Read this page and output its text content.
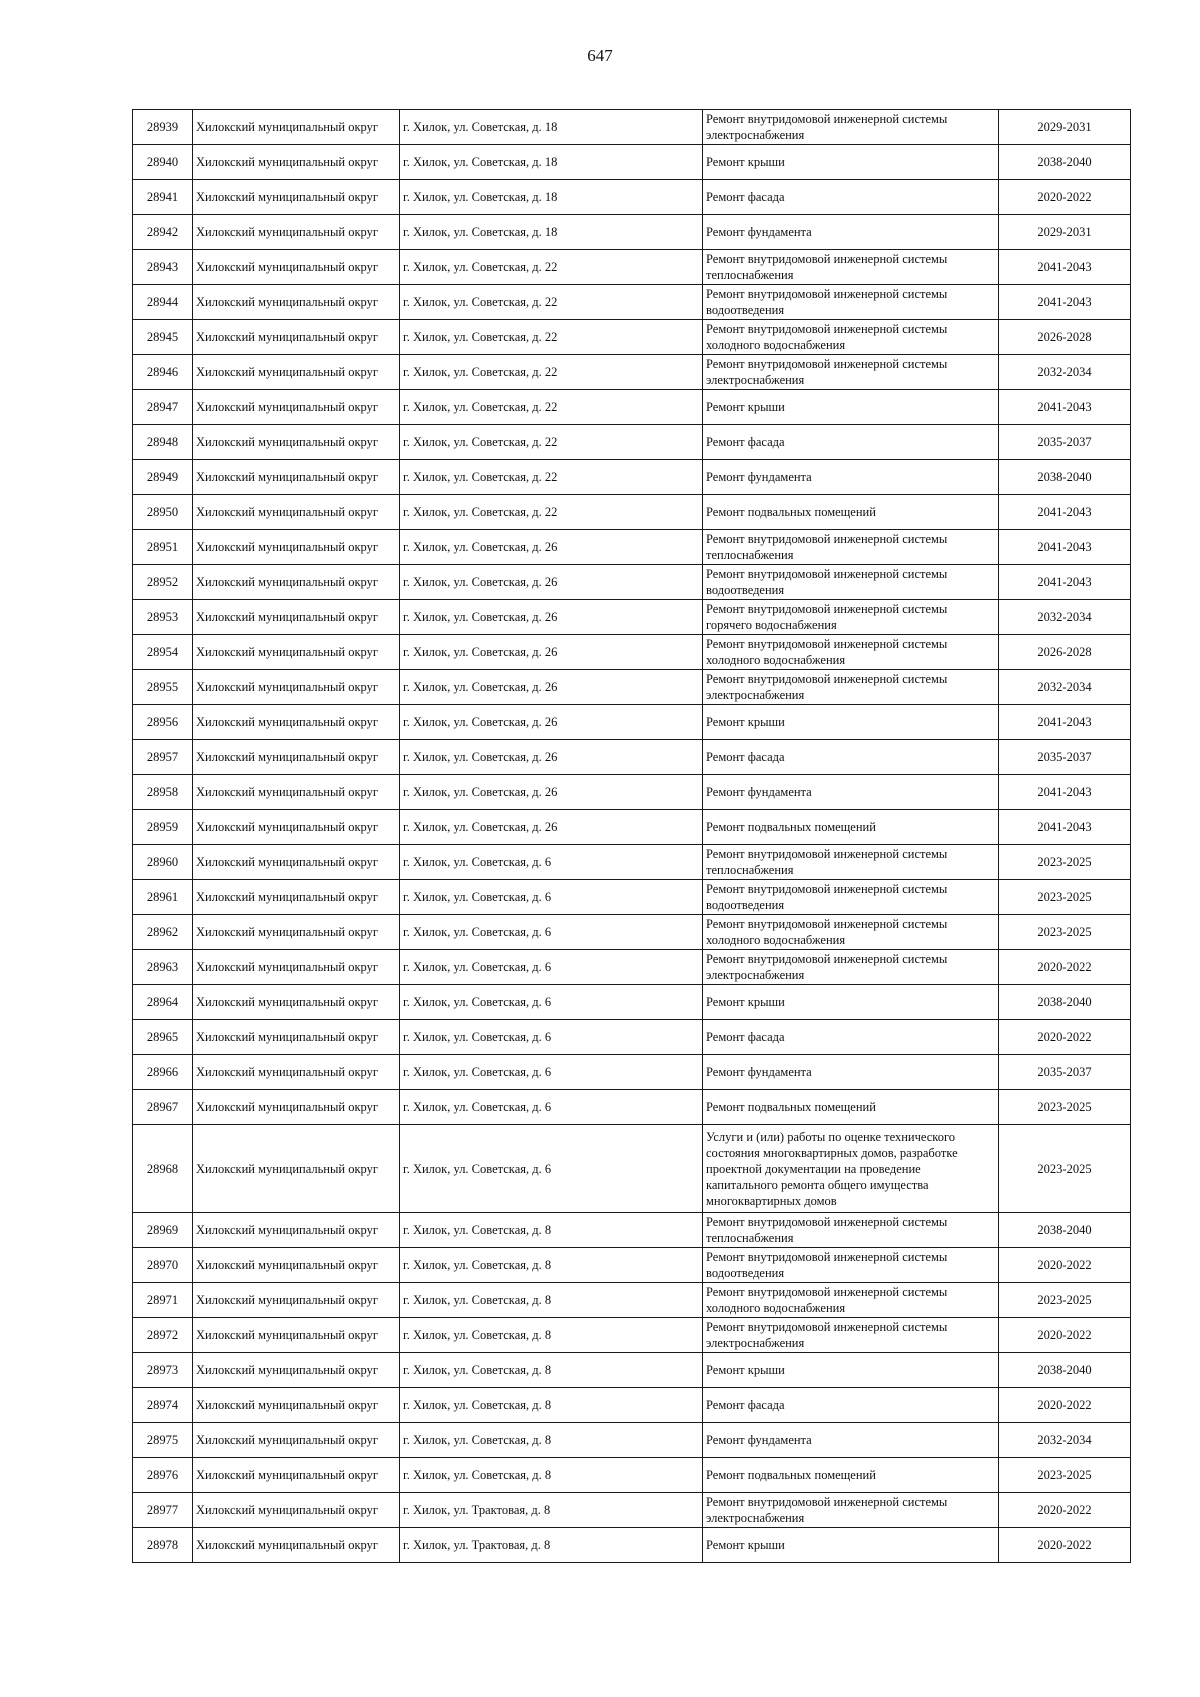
647
28939	Хилокский муниципальный округ	г. Хилок, ул. Советская, д. 18	Ремонт внутридомовой инженерной системы электроснабжения	2029-2031
28940	Хилокский муниципальный округ	г. Хилок, ул. Советская, д. 18	Ремонт крыши	2038-2040
28941	Хилокский муниципальный округ	г. Хилок, ул. Советская, д. 18	Ремонт фасада	2020-2022
28942	Хилокский муниципальный округ	г. Хилок, ул. Советская, д. 18	Ремонт фундамента	2029-2031
28943	Хилокский муниципальный округ	г. Хилок, ул. Советская, д. 22	Ремонт внутридомовой инженерной системы теплоснабжения	2041-2043
28944	Хилокский муниципальный округ	г. Хилок, ул. Советская, д. 22	Ремонт внутридомовой инженерной системы водоотведения	2041-2043
28945	Хилокский муниципальный округ	г. Хилок, ул. Советская, д. 22	Ремонт внутридомовой инженерной системы холодного водоснабжения	2026-2028
28946	Хилокский муниципальный округ	г. Хилок, ул. Советская, д. 22	Ремонт внутридомовой инженерной системы электроснабжения	2032-2034
28947	Хилокский муниципальный округ	г. Хилок, ул. Советская, д. 22	Ремонт крыши	2041-2043
28948	Хилокский муниципальный округ	г. Хилок, ул. Советская, д. 22	Ремонт фасада	2035-2037
28949	Хилокский муниципальный округ	г. Хилок, ул. Советская, д. 22	Ремонт фундамента	2038-2040
28950	Хилокский муниципальный округ	г. Хилок, ул. Советская, д. 22	Ремонт подвальных помещений	2041-2043
28951	Хилокский муниципальный округ	г. Хилок, ул. Советская, д. 26	Ремонт внутридомовой инженерной системы теплоснабжения	2041-2043
28952	Хилокский муниципальный округ	г. Хилок, ул. Советская, д. 26	Ремонт внутридомовой инженерной системы водоотведения	2041-2043
28953	Хилокский муниципальный округ	г. Хилок, ул. Советская, д. 26	Ремонт внутридомовой инженерной системы горячего водоснабжения	2032-2034
28954	Хилокский муниципальный округ	г. Хилок, ул. Советская, д. 26	Ремонт внутридомовой инженерной системы холодного водоснабжения	2026-2028
28955	Хилокский муниципальный округ	г. Хилок, ул. Советская, д. 26	Ремонт внутридомовой инженерной системы электроснабжения	2032-2034
28956	Хилокский муниципальный округ	г. Хилок, ул. Советская, д. 26	Ремонт крыши	2041-2043
28957	Хилокский муниципальный округ	г. Хилок, ул. Советская, д. 26	Ремонт фасада	2035-2037
28958	Хилокский муниципальный округ	г. Хилок, ул. Советская, д. 26	Ремонт фундамента	2041-2043
28959	Хилокский муниципальный округ	г. Хилок, ул. Советская, д. 26	Ремонт подвальных помещений	2041-2043
28960	Хилокский муниципальный округ	г. Хилок, ул. Советская, д. 6	Ремонт внутридомовой инженерной системы теплоснабжения	2023-2025
28961	Хилокский муниципальный округ	г. Хилок, ул. Советская, д. 6	Ремонт внутридомовой инженерной системы водоотведения	2023-2025
28962	Хилокский муниципальный округ	г. Хилок, ул. Советская, д. 6	Ремонт внутридомовой инженерной системы холодного водоснабжения	2023-2025
28963	Хилокский муниципальный округ	г. Хилок, ул. Советская, д. 6	Ремонт внутридомовой инженерной системы электроснабжения	2020-2022
28964	Хилокский муниципальный округ	г. Хилок, ул. Советская, д. 6	Ремонт крыши	2038-2040
28965	Хилокский муниципальный округ	г. Хилок, ул. Советская, д. 6	Ремонт фасада	2020-2022
28966	Хилокский муниципальный округ	г. Хилок, ул. Советская, д. 6	Ремонт фундамента	2035-2037
28967	Хилокский муниципальный округ	г. Хилок, ул. Советская, д. 6	Ремонт подвальных помещений	2023-2025
28968	Хилокский муниципальный округ	г. Хилок, ул. Советская, д. 6	Услуги и (или) работы по оценке технического состояния многоквартирных домов, разработке проектной документации на проведение капитального ремонта общего имущества многоквартирных домов	2023-2025
28969	Хилокский муниципальный округ	г. Хилок, ул. Советская, д. 8	Ремонт внутридомовой инженерной системы теплоснабжения	2038-2040
28970	Хилокский муниципальный округ	г. Хилок, ул. Советская, д. 8	Ремонт внутридомовой инженерной системы водоотведения	2020-2022
28971	Хилокский муниципальный округ	г. Хилок, ул. Советская, д. 8	Ремонт внутридомовой инженерной системы холодного водоснабжения	2023-2025
28972	Хилокский муниципальный округ	г. Хилок, ул. Советская, д. 8	Ремонт внутридомовой инженерной системы электроснабжения	2020-2022
28973	Хилокский муниципальный округ	г. Хилок, ул. Советская, д. 8	Ремонт крыши	2038-2040
28974	Хилокский муниципальный округ	г. Хилок, ул. Советская, д. 8	Ремонт фасада	2020-2022
28975	Хилокский муниципальный округ	г. Хилок, ул. Советская, д. 8	Ремонт фундамента	2032-2034
28976	Хилокский муниципальный округ	г. Хилок, ул. Советская, д. 8	Ремонт подвальных помещений	2023-2025
28977	Хилокский муниципальный округ	г. Хилок, ул. Трактовая, д. 8	Ремонт внутридомовой инженерной системы электроснабжения	2020-2022
28978	Хилокский муниципальный округ	г. Хилок, ул. Трактовая, д. 8	Ремонт крыши	2020-2022
